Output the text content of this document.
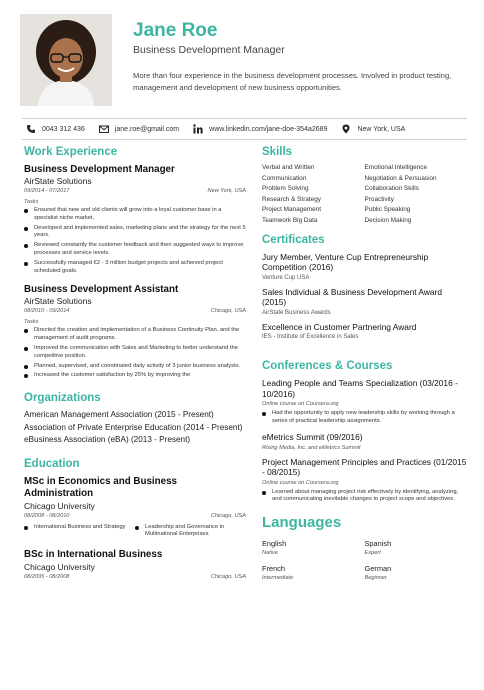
Jane Roe
Business Development Manager
More than four experience in the business development processes. Involved in product testing, management and development of new business opportunities.
0043 312 436	jane.roe@gmail.com	www.linkedin.com/jane-doe-354a2689	New York, USA
Work Experience
Business Development Manager
AirState Solutions
09/2014 - 07/2017	New York, USA
Tasks
Ensured that new and old clients will grow into a loyal customer base in a specialist niche market.
Developed and implemented sales, marketing plans and the strategy for the next 5 years.
Reviewed constantly the customer feedback and then suggested ways to improve processes and service levels.
Successfully managed €2 - 3 million budget projects and achieved project scheduled goals.
Business Development Assistant
AirState Solutions
08/2010 - 09/2014	Chicago, USA
Tasks
Directed the creation and implementation of a Business Continuity Plan, and the management of audit programs.
Improved the communication with Sales and Marketing to better understand the competitive position.
Planned, supervised, and coordinated daily activity of 3 junior business analysts.
Increased the customer satisfaction by 25% by improving the
Organizations
American Management Association (2015 - Present)
Association of Private Enterprise Education (2014 - Present)
eBusiness Association (eBA) (2013 - Present)
Education
MSc in Economics and Business Administration
Chicago University
08/2008 - 08/2010	Chicago, USA
International Business and Strategy	Leadership and Governance in Multinational Enterprises
BSc in International Business
Chicago University
08/2005 - 08/2008	Chicago, USA
Skills
Verbal and Written	Emotional Intelligence
Communication	Negotiation & Persuasion
Problem Solving	Collaboration Skills
Research & Strategy	Proactivity
Project Management	Public Speaking
Teamwork Big Data	Decision Making
Certificates
Jury Member, Venture Cup Entrepreneurship Competition (2016)
Venture Cup USA
Sales Individual & Business Development Award (2015)
AirState Business Awards
Excellence in Customer Partnering Award
IES - Institute of Excellence in Sales
Conferences & Courses
Leading People and Teams Specialization (03/2016 - 10/2016)
Online course on Coursera.org
Had the opportunity to apply new leadership skills by working through a series of practical leadership assignments.
eMetrics Summit (09/2016)
Rising Media, Inc. and eMetrics Summit
Project Management Principles and Practices (01/2015 - 08/2015)
Online course on Coursera.org
Learned about managing project risk effectively by identifying, analyzing, and communicating inevitable changes to project scope and objectives.
Languages
English
Native
Spanish
Expert
French
Intermediate
German
Beginner
